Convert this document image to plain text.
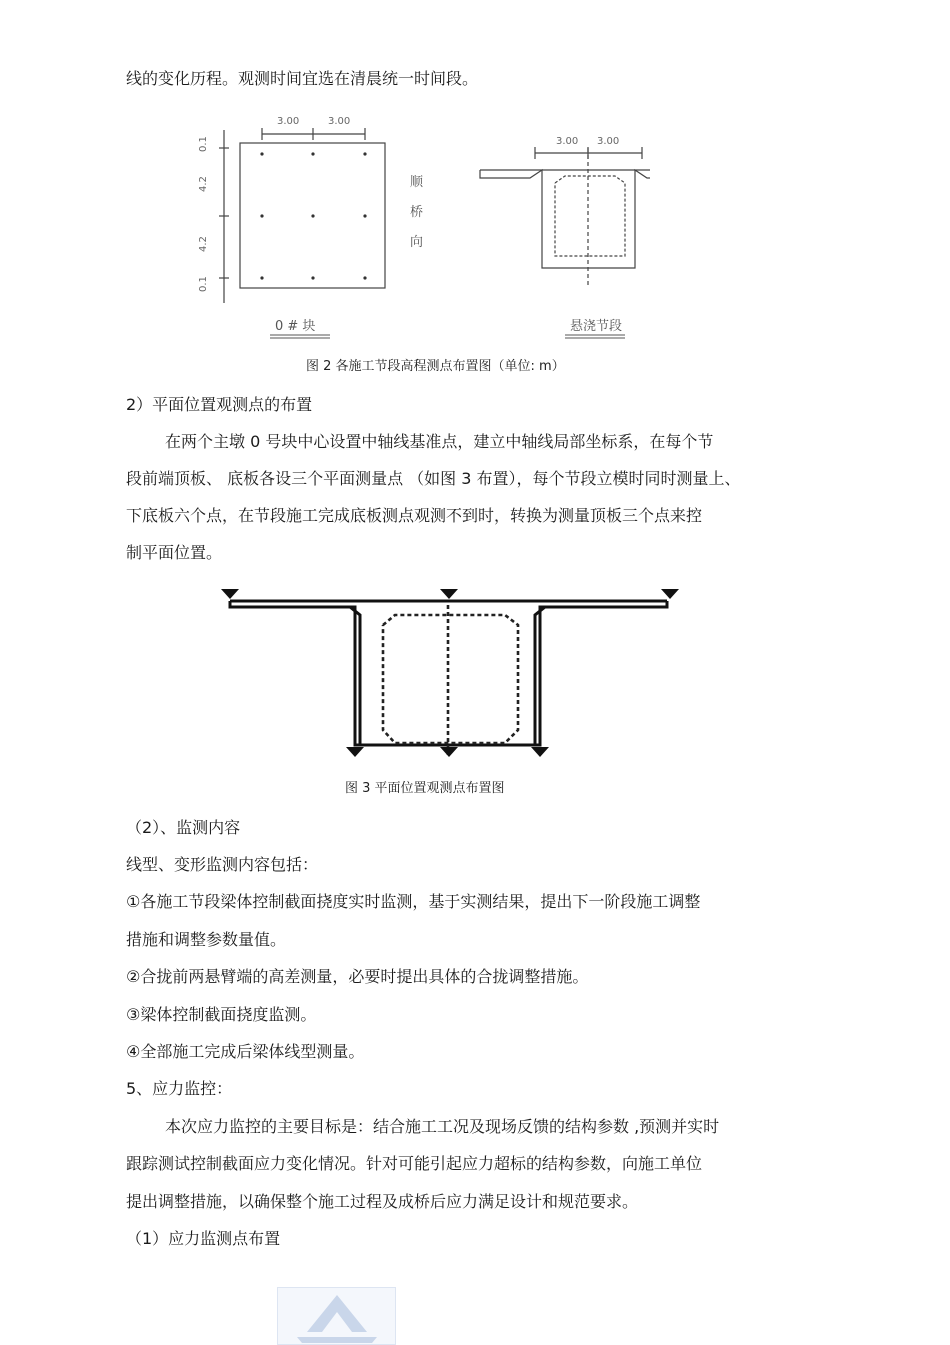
线的变化历程。观测时间宜选在清晨统一时间段。
3.00	3.00
0.1
4.2
4.2
0.1
3.00 3.00
顺
桥
向
0 # 块	悬浇节段
图 2 各施工节段高程测点布置图（单位: m）
2）平面位置观测点的布置
在两个主墩 0 号块中心设置中轴线基准点，建立中轴线局部坐标系，在每个节
段前端顶板、 底板各设三个平面测量点 （如图 3 布置），每个节段立模时同时测量上、
下底板六个点，在节段施工完成底板测点观测不到时，转换为测量顶板三个点来控
制平面位置。
图 3 平面位置观测点布置图
（2）、监测内容
线型、变形监测内容包括：
①各施工节段梁体控制截面挠度实时监测，基于实测结果，提出下一阶段施工调整
措施和调整参数量值。
②合拢前两悬臂端的高差测量，必要时提出具体的合拢调整措施。
③梁体控制截面挠度监测。
④全部施工完成后梁体线型测量。
5、应力监控：
本次应力监控的主要目标是：结合施工工况及现场反馈的结构参数 ,预测并实时
跟踪测试控制截面应力变化情况。针对可能引起应力超标的结构参数，向施工单位
提出调整措施，以确保整个施工过程及成桥后应力满足设计和规范要求。
（1）应力监测点布置
